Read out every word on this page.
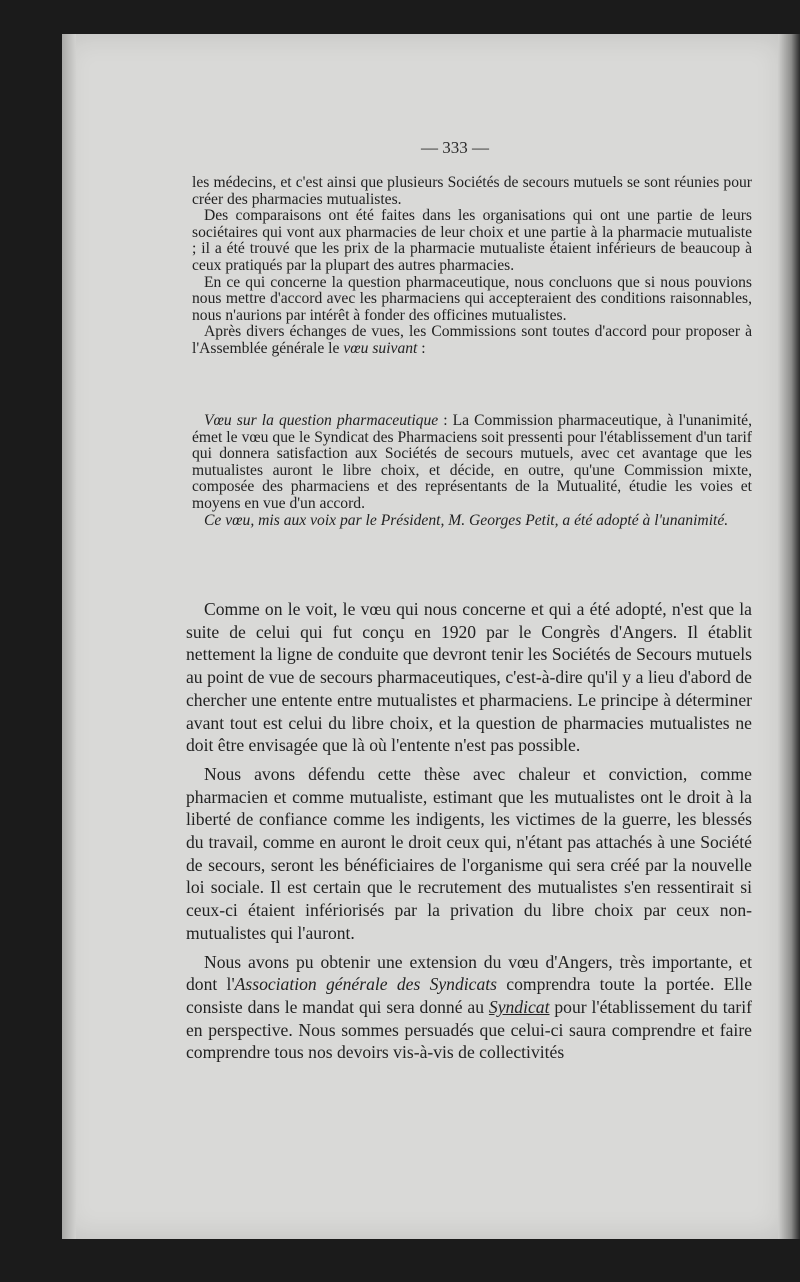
— 333 —

les médecins, et c'est ainsi que plusieurs Sociétés de secours mutuels se sont réunies pour créer des pharmacies mutualistes.

Des comparaisons ont été faites dans les organisations qui ont une partie de leurs sociétaires qui vont aux pharmacies de leur choix et une partie à la pharmacie mutualiste ; il a été trouvé que les prix de la pharmacie mutualiste étaient inférieurs de beaucoup à ceux pratiqués par la plupart des autres pharmacies.

En ce qui concerne la question pharmaceutique, nous concluons que si nous pouvions nous mettre d'accord avec les pharmaciens qui accepteraient des conditions raisonnables, nous n'aurions par intérêt à fonder des officines mutualistes.

Après divers échanges de vues, les Commissions sont toutes d'accord pour proposer à l'Assemblée générale le vœu suivant :

Vœu sur la question pharmaceutique : La Commission pharmaceutique, à l'unanimité, émet le vœu que le Syndicat des Pharmaciens soit pressenti pour l'établissement d'un tarif qui donnera satisfaction aux Sociétés de secours mutuels, avec cet avantage que les mutualistes auront le libre choix, et décide, en outre, qu'une Commission mixte, composée des pharmaciens et des représentants de la Mutualité, étudie les voies et moyens en vue d'un accord.

Ce vœu, mis aux voix par le Président, M. Georges Petit, a été adopté à l'unanimité.

Comme on le voit, le vœu qui nous concerne et qui a été adopté, n'est que la suite de celui qui fut conçu en 1920 par le Congrès d'Angers. Il établit nettement la ligne de conduite que devront tenir les Sociétés de Secours mutuels au point de vue de secours pharmaceutiques, c'est-à-dire qu'il y a lieu d'abord de chercher une entente entre mutualistes et pharmaciens. Le principe à déterminer avant tout est celui du libre choix, et la question de pharmacies mutualistes ne doit être envisagée que là où l'entente n'est pas possible.

Nous avons défendu cette thèse avec chaleur et conviction, comme pharmacien et comme mutualiste, estimant que les mutualistes ont le droit à la liberté de confiance comme les indigents, les victimes de la guerre, les blessés du travail, comme en auront le droit ceux qui, n'étant pas attachés à une Société de secours, seront les bénéficiaires de l'organisme qui sera créé par la nouvelle loi sociale. Il est certain que le recrutement des mutualistes s'en ressentirait si ceux-ci étaient infériorisés par la privation du libre choix par ceux non-mutualistes qui l'auront.

Nous avons pu obtenir une extension du vœu d'Angers, très importante, et dont l'Association générale des Syndicats comprendra toute la portée. Elle consiste dans le mandat qui sera donné au Syndicat pour l'établissement du tarif en perspective. Nous sommes persuadés que celui-ci saura comprendre et faire comprendre tous nos devoirs vis-à-vis de collectivités
